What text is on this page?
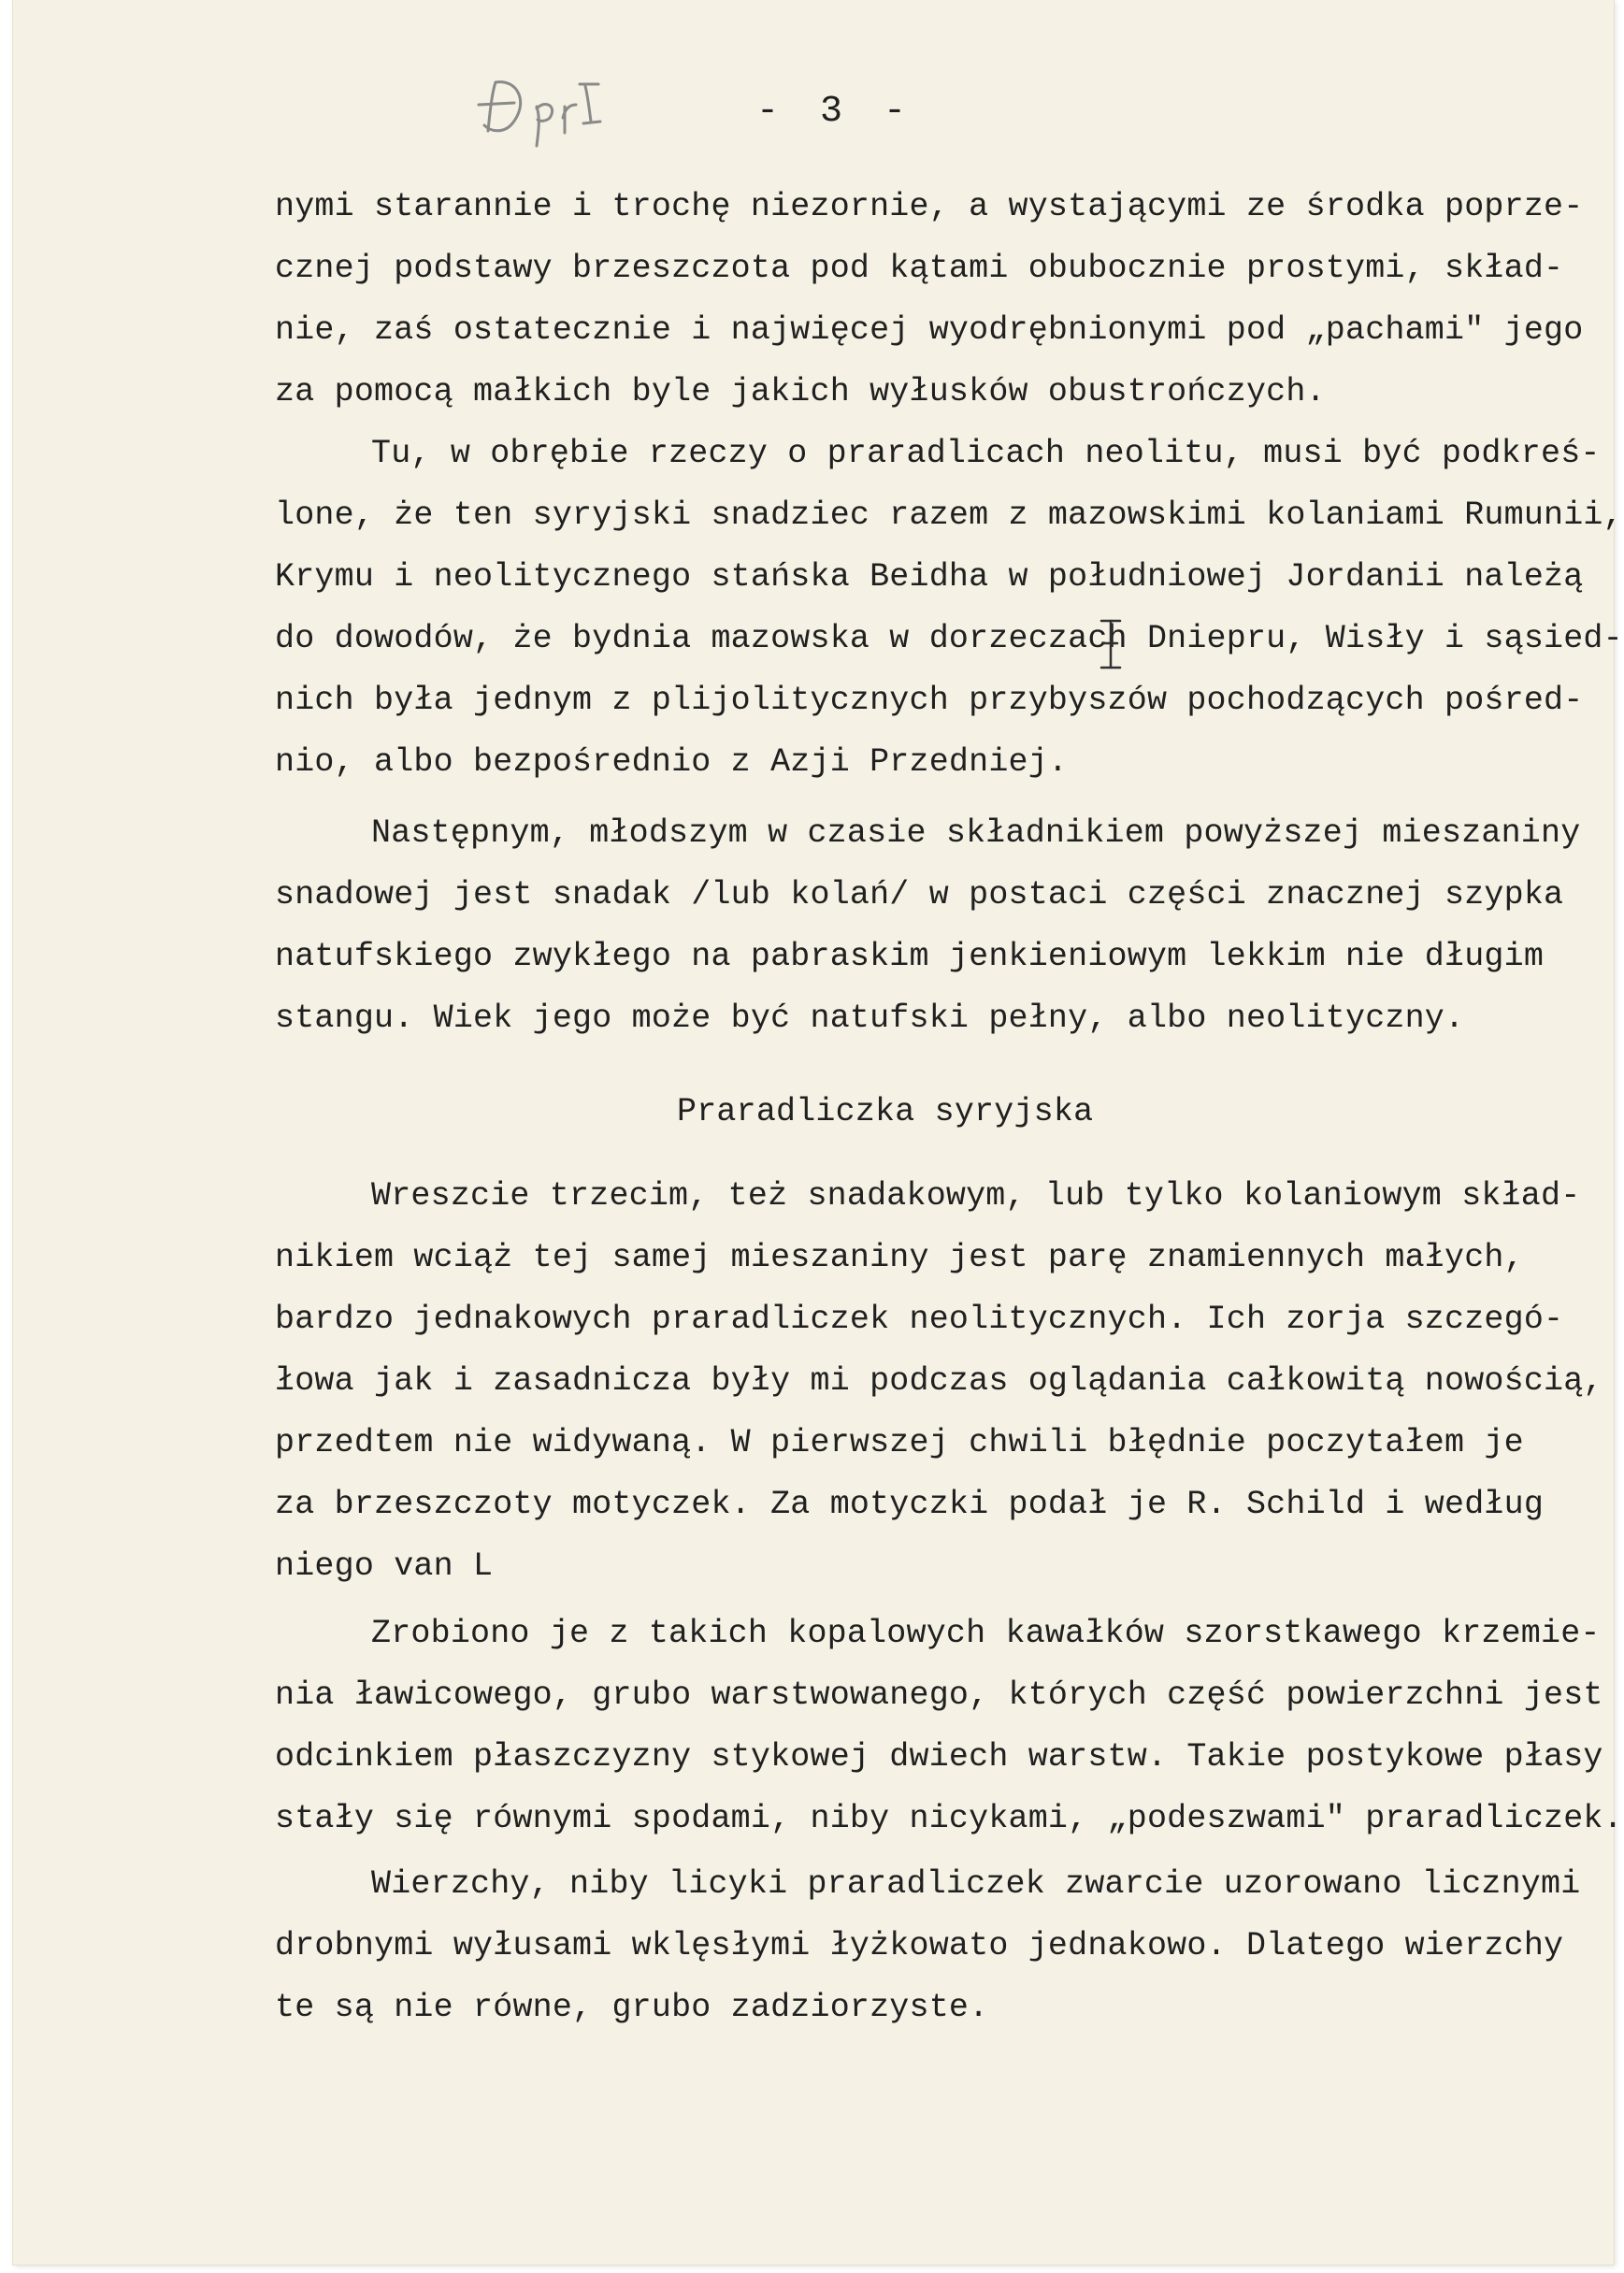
- 3 -
nymi starannie i trochę niezornie, a wystającymi ze środka poprze-
cznej podstawy brzeszczota pod kątami obubocznie prostymi, skład-
nie, zaś ostatecznie i najwięcej wyodrębnionymi pod „pachami" jego
za pomocą małkich byle jakich wyłusków obustrończych.
Tu, w obrębie rzeczy o praradlicach neolitu, musi być podkreś-
lone, że ten syryjski snadziec razem z mazowskimi kolaniami Rumunii,
Krymu i neolitycznego stańska Beidha w południowej Jordanii należą
do dowodów, że bydnia mazowska w dorzeczach Dniepru, Wisły i sąsied-
nich była jednym z plijolitycznych przybyszów pochodzących pośred-
nio, albo bezpośrednio z Azji Przedniej.
Następnym, młodszym w czasie składnikiem powyższej mieszaniny
snadowej jest snadak /lub kolań/ w postaci części znacznej szypka
natufskiego zwykłego na pabraskim jenkieniowym lekkim nie długim
stangu. Wiek jego może być natufski pełny, albo neolityczny.
Praradliczka syryjska
Wreszcie trzecim, też snadakowym, lub tylko kolaniowym skład-
nikiem wciąż tej samej mieszaniny jest parę znamiennych małych,
bardzo jednakowych praradliczek neolitycznych. Ich zorja szczegó-
łowa jak i zasadnicza były mi podczas oglądania całkowitą nowością,
przedtem nie widywaną. W pierwszej chwili błędnie poczytałem je
za brzeszczoty motyczek. Za motyczki podał je R. Schild i według
niego van L
Zrobiono je z takich kopalowych kawałków szorstkawego krzemie-
nia ławicowego, grubo warstwowanego, których część powierzchni jest
odcinkiem płaszczyzny stykowej dwiech warstw. Takie postykowe płasy
stały się równymi spodami, niby nicykami, „podeszwami" praradliczek.
Wierzchy, niby licyki praradliczek zwarcie uzorowano licznymi
drobnymi wyłusami wklęsłymi łyżkowato jednakowo. Dlatego wierzchy
te są nie równe, grubo zadziorzyste.
